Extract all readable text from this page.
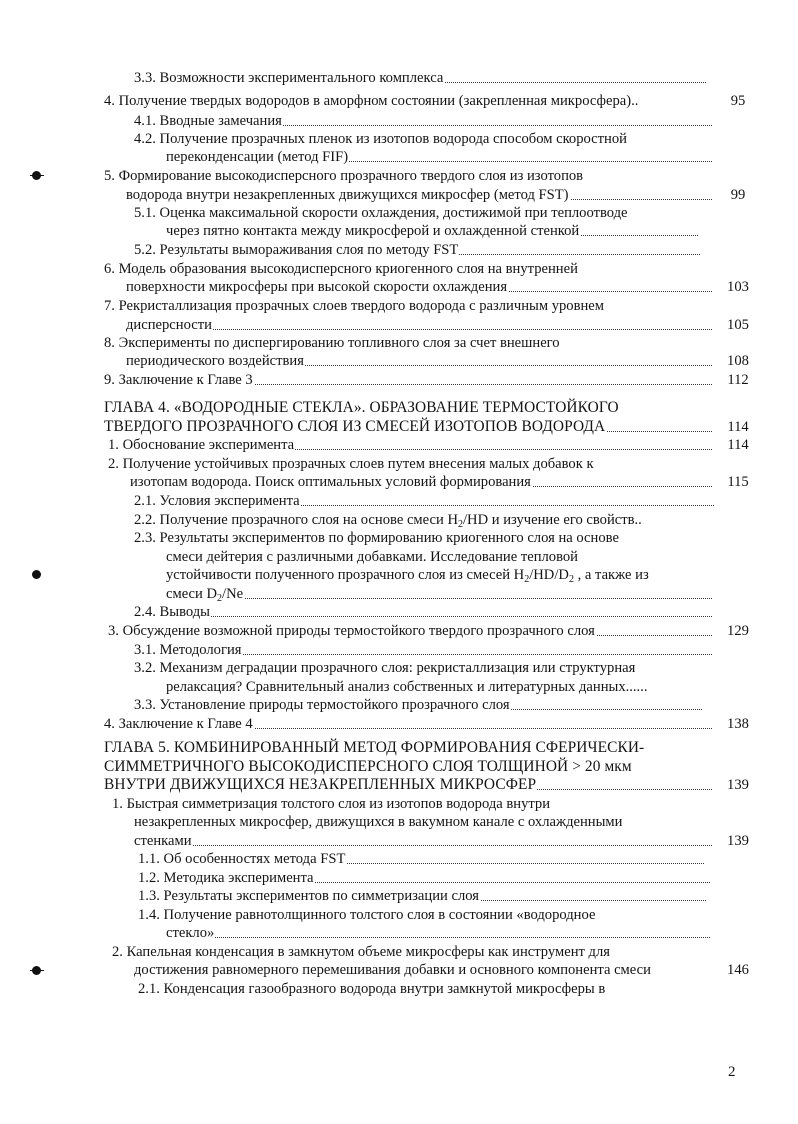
3.3. Возможности экспериментального комплекса
4. Получение твердых водородов в аморфном состоянии (закрепленная микросфера)..	95
4.1. Вводные замечания
4.2. Получение прозрачных пленок из изотопов водорода способом скоростной
переконденсации (метод FIF)
5. Формирование высокодисперсного прозрачного твердого слоя из изотопов
водорода внутри незакрепленных движущихся микросфер (метод FST)	99
5.1. Оценка максимальной скорости охлаждения, достижимой при теплоотводе
через пятно контакта между микросферой и охлажденной стенкой
5.2. Результаты вымораживания слоя по методу FST
6. Модель образования высокодисперсного криогенного слоя на внутренней
поверхности микросферы при высокой скорости охлаждения	103
7. Рекристаллизация прозрачных слоев твердого водорода с различным уровнем
дисперсности	105
8. Эксперименты по диспергированию топливного слоя за счет внешнего
периодического воздействия	108
9. Заключение к Главе 3	112
ГЛАВА 4. «ВОДОРОДНЫЕ СТЕКЛА». ОБРАЗОВАНИЕ ТЕРМОСТОЙКОГО
ТВЕРДОГО ПРОЗРАЧНОГО СЛОЯ ИЗ СМЕСЕЙ ИЗОТОПОВ ВОДОРОДА	114
1. Обоснование эксперимента	114
2. Получение устойчивых прозрачных слоев путем внесения малых добавок к
изотопам водорода. Поиск оптимальных условий формирования	115
2.1. Условия эксперимента
2.2. Получение прозрачного слоя на основе смеси $H_2/HD$ и изучение его свойств..
2.3. Результаты экспериментов по формированию криогенного слоя на основе
смеси дейтерия с различными добавками. Исследование тепловой
устойчивости полученного прозрачного слоя из смесей $H_2/HD/D_2$ , а также из
смеси $D_2/Ne$
2.4. Выводы
3. Обсуждение возможной природы термостойкого твердого прозрачного слоя	129
3.1. Методология
3.2. Механизм деградации прозрачного слоя: рекристаллизация или структурная
релаксация? Сравнительный анализ собственных и литературных данных......
3.3. Установление природы термостойкого прозрачного слоя
4. Заключение к Главе 4	138
ГЛАВА 5. КОМБИНИРОВАННЫЙ МЕТОД ФОРМИРОВАНИЯ СФЕРИЧЕСКИ-
СИММЕТРИЧНОГО ВЫСОКОДИСПЕРСНОГО СЛОЯ ТОЛЩИНОЙ > 20 мкм
ВНУТРИ ДВИЖУЩИХСЯ НЕЗАКРЕПЛЕННЫХ МИКРОСФЕР	139
1. Быстрая симметризация толстого слоя из изотопов водорода внутри
незакрепленных микросфер, движущихся в вакумном канале с охлажденными
стенками	139
1.1. Об особенностях метода FST
1.2. Методика эксперимента
1.3. Результаты экспериментов по симметризации слоя
1.4. Получение равнотолщинного толстого слоя в состоянии «водородное
стекло»
2. Капельная конденсация в замкнутом объеме микросферы как инструмент для
достижения равномерного перемешивания добавки и основного компонента смеси	146
2.1. Конденсация газообразного водорода внутри замкнутой микросферы в
2
